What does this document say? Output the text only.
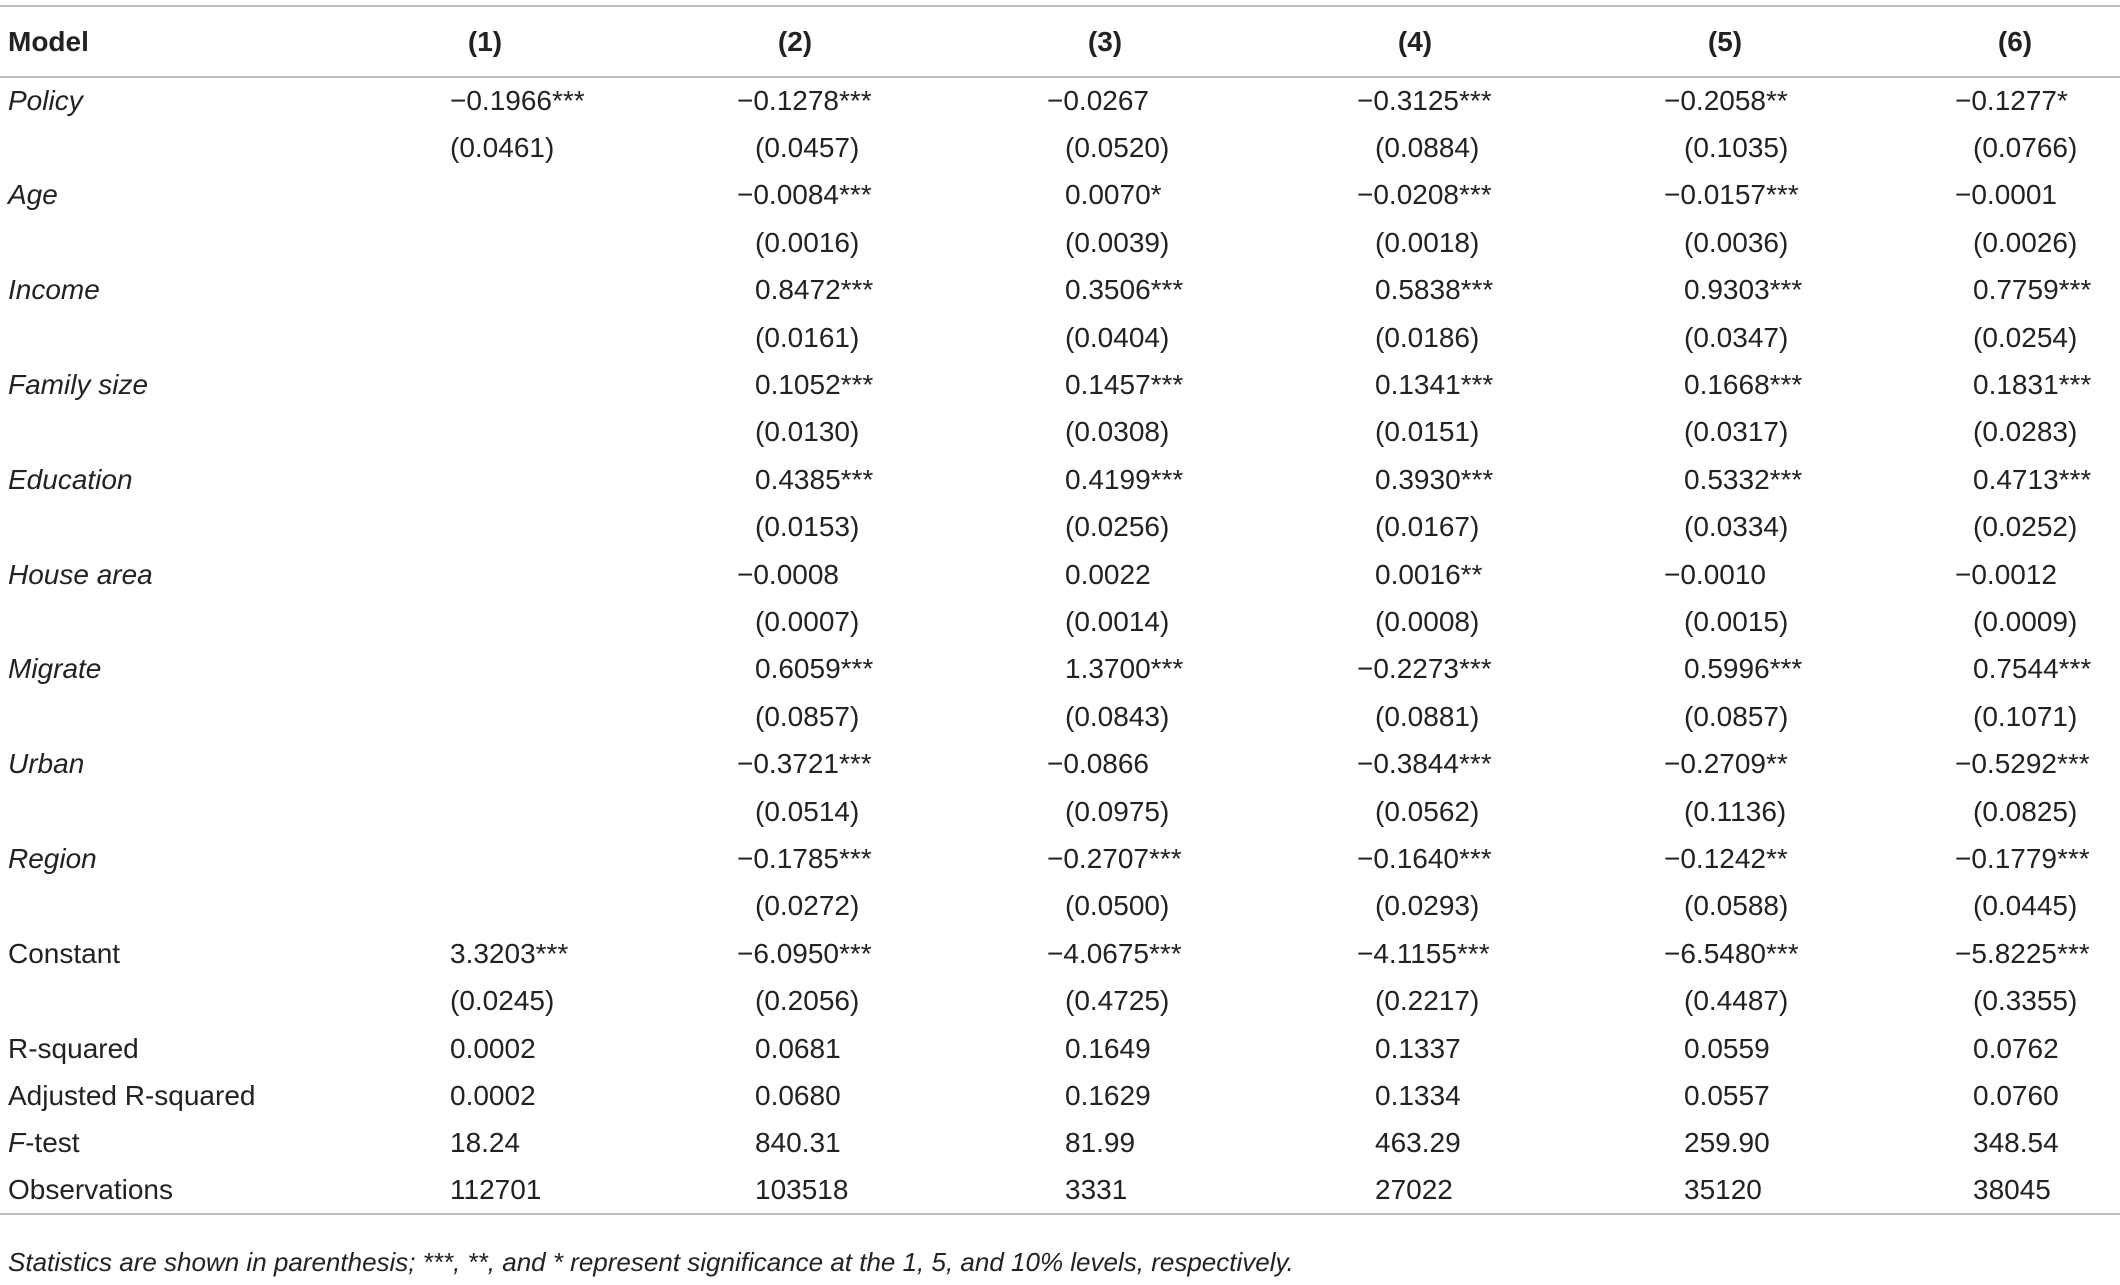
Model	(1)	(2)	(3)	(4)	(5)	(6)
Policy	−0.1966***	−0.1278***	−0.0267	−0.3125***	−0.2058**	−0.1277*
	(0.0461)	(0.0457)	(0.0520)	(0.0884)	(0.1035)	(0.0766)
Age		−0.0084***	0.0070*	−0.0208***	−0.0157***	−0.0001
		(0.0016)	(0.0039)	(0.0018)	(0.0036)	(0.0026)
Income		0.8472***	0.3506***	0.5838***	0.9303***	0.7759***
		(0.0161)	(0.0404)	(0.0186)	(0.0347)	(0.0254)
Family size		0.1052***	0.1457***	0.1341***	0.1668***	0.1831***
		(0.0130)	(0.0308)	(0.0151)	(0.0317)	(0.0283)
Education		0.4385***	0.4199***	0.3930***	0.5332***	0.4713***
		(0.0153)	(0.0256)	(0.0167)	(0.0334)	(0.0252)
House area		−0.0008	0.0022	0.0016**	−0.0010	−0.0012
		(0.0007)	(0.0014)	(0.0008)	(0.0015)	(0.0009)
Migrate		0.6059***	1.3700***	−0.2273***	0.5996***	0.7544***
		(0.0857)	(0.0843)	(0.0881)	(0.0857)	(0.1071)
Urban		−0.3721***	−0.0866	−0.3844***	−0.2709**	−0.5292***
		(0.0514)	(0.0975)	(0.0562)	(0.1136)	(0.0825)
Region		−0.1785***	−0.2707***	−0.1640***	−0.1242**	−0.1779***
		(0.0272)	(0.0500)	(0.0293)	(0.0588)	(0.0445)
Constant	3.3203***	−6.0950***	−4.0675***	−4.1155***	−6.5480***	−5.8225***
	(0.0245)	(0.2056)	(0.4725)	(0.2217)	(0.4487)	(0.3355)
R-squared	0.0002	0.0681	0.1649	0.1337	0.0559	0.0762
Adjusted R-squared	0.0002	0.0680	0.1629	0.1334	0.0557	0.0760
F-test	18.24	840.31	81.99	463.29	259.90	348.54
Observations	112701	103518	3331	27022	35120	38045
Statistics are shown in parenthesis; ***, **, and * represent significance at the 1, 5, and 10% levels, respectively.
